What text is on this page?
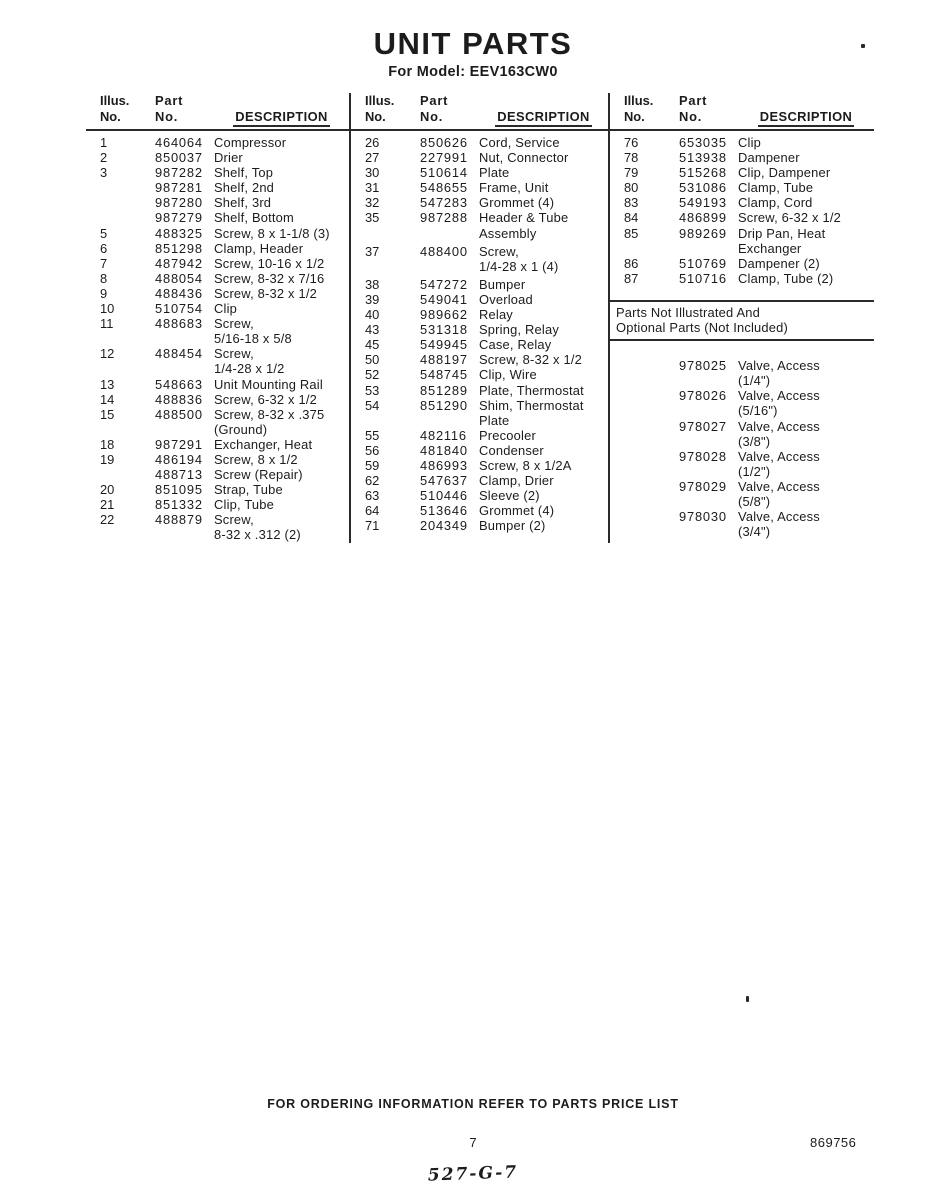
UNIT PARTS
For Model: EEV163CW0
Illus.	Part
No.	No.	DESCRIPTION
1	464064 Compressor
2	850037 Drier
3	987282 Shelf, Top
987281 Shelf, 2nd
987280 Shelf, 3rd
987279 Shelf, Bottom
5	488325 Screw, 8 x 1-1/8 (3)
6	851298 Clamp, Header
7	487942 Screw, 10-16 x 1/2
8	488054 Screw, 8-32 x 7/16
9	488436 Screw, 8-32 x 1/2
10	510754 Clip
11	488683 Screw,
5/16-18 x 5/8
12	488454 Screw,
1/4-28 x 1/2
13	548663 Unit Mounting Rail
14	488836 Screw, 6-32 x 1/2
15	488500 Screw, 8-32 x .375
(Ground)
18	987291 Exchanger, Heat
19	486194 Screw, 8 x 1/2
488713 Screw (Repair)
20	851095 Strap, Tube
21	851332 Clip, Tube
22	488879 Screw,
8-32 x .312 (2)
Illus.	Part
No.	No.	DESCRIPTION
26	850626 Cord, Service
27	227991 Nut, Connector
30	510614 Plate
31	548655 Frame, Unit
32	547283 Grommet (4)
35	987288 Header & Tube
Assembly
37	488400 Screw,
1/4-28 x 1 (4)
38	547272 Bumper
39	549041 Overload
40	989662 Relay
43	531318 Spring, Relay
45	549945 Case, Relay
50	488197 Screw, 8-32 x 1/2
52	548745 Clip, Wire
53	851289 Plate, Thermostat
54	851290 Shim, Thermostat
Plate
55	482116 Precooler
56	481840 Condenser
59	486993 Screw, 8 x 1/2A
62	547637 Clamp, Drier
63	510446 Sleeve (2)
64	513646 Grommet (4)
71	204349 Bumper (2)
Illus.	Part
No.	No.	DESCRIPTION
76	653035 Clip
78	513938 Dampener
79	515268 Clip, Dampener
80	531086 Clamp, Tube
83	549193 Clamp, Cord
84	486899 Screw, 6-32 x 1/2
85	989269 Drip Pan, Heat
Exchanger
86	510769 Dampener (2)
87	510716 Clamp, Tube (2)
Parts Not Illustrated And
Optional Parts (Not Included)
978025 Valve, Access
(1/4")
978026 Valve, Access
(5/16")
978027 Valve, Access
(3/8")
978028 Valve, Access
(1/2")
978029 Valve, Access
(5/8")
978030 Valve, Access
(3/4")
FOR ORDERING INFORMATION REFER TO PARTS PRICE LIST
7	869756
527-G-7
